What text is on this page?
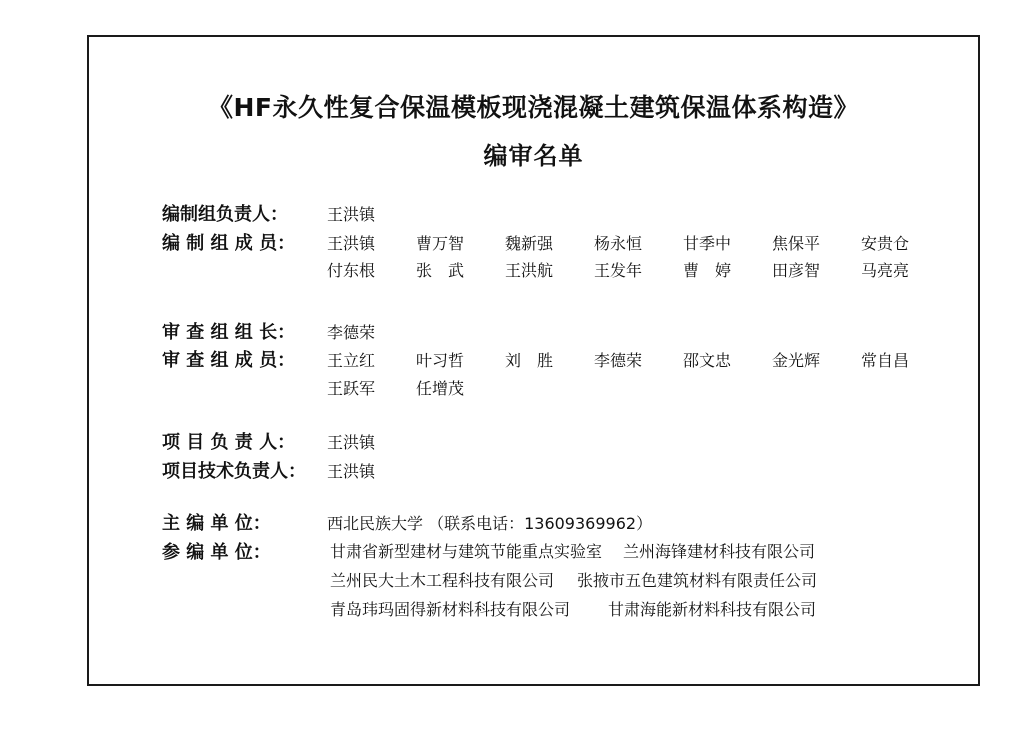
《HF永久性复合保温模板现浇混凝土建筑保温体系构造》
编审名单
编制组负责人：	王洪镇
编 制 组 成 员：	王洪镇	曹万智	魏新强	杨永恒	甘季中	焦保平	安贵仓
付东根	张　武	王洪航	王发年	曹　婷	田彦智	马亮亮
审 查 组 组 长：	李德荣
审 查 组 成 员：	王立红	叶习哲	刘　胜	李德荣	邵文忠	金光辉	常自昌
王跃军	任增茂
项 目 负 责 人：	王洪镇
项目技术负责人：	王洪镇
主 编 单 位：	西北民族大学 （联系电话：13609369962）
参 编 单 位：	甘肃省新型建材与建筑节能重点实验室 兰州海锋建材科技有限公司
兰州民大土木工程科技有限公司 张掖市五色建筑材料有限责任公司
青岛玮玛固得新材料科技有限公司 甘肃海能新材料科技有限公司
